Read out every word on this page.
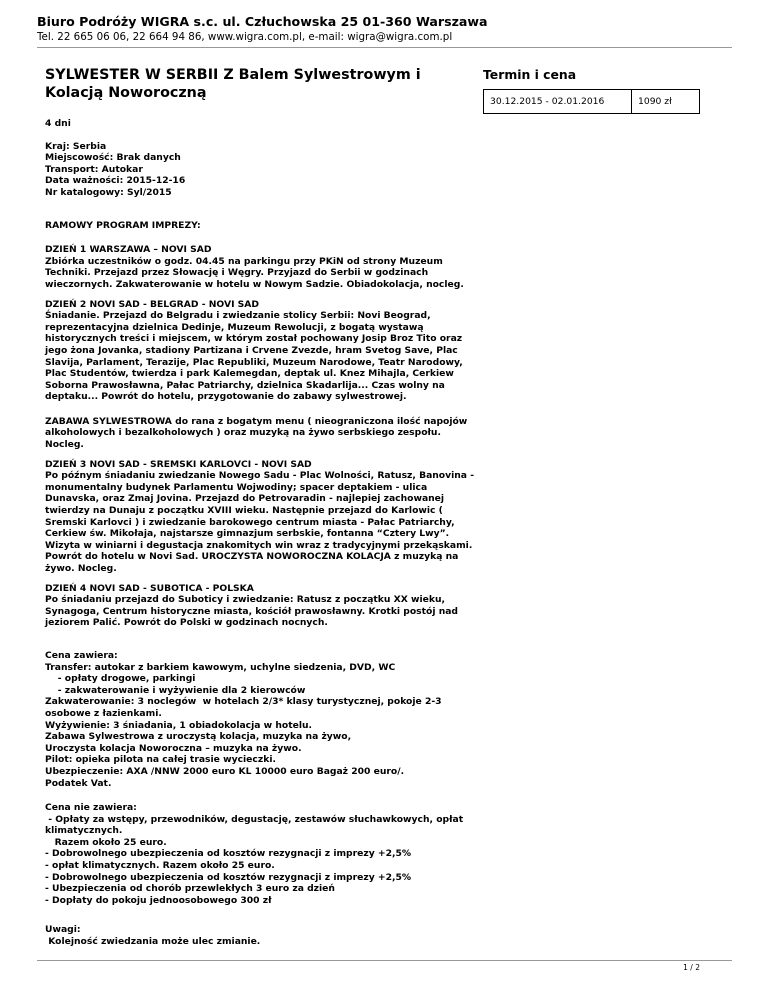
Biuro Podróży WIGRA s.c. ul. Człuchowska 25 01-360 Warszawa
Tel. 22 665 06 06, 22 664 94 86, www.wigra.com.pl, e-mail: wigra@wigra.com.pl
SYLWESTER W SERBII Z Balem Sylwestrowym i
Kolacją Noworoczną
4 dni
Kraj: Serbia
Miejscowość: Brak danych
Transport: Autokar
Data ważności: 2015-12-16
Nr katalogowy: Syl/2015
RAMOWY PROGRAM IMPREZY:
DZIEŃ 1 WARSZAWA – NOVI SAD
Zbiórka uczestników o godz. 04.45 na parkingu przy PKiN od strony Muzeum
Techniki. Przejazd przez Słowację i Węgry. Przyjazd do Serbii w godzinach
wieczornych. Zakwaterowanie w hotelu w Nowym Sadzie. Obiadokolacja, nocleg.
DZIEŃ 2 NOVI SAD - BELGRAD - NOVI SAD
Śniadanie. Przejazd do Belgradu i zwiedzanie stolicy Serbii: Novi Beograd,
reprezentacyjna dzielnica Dedinje, Muzeum Rewolucji, z bogatą wystawą
historycznych treści i miejscem, w którym został pochowany Josip Broz Tito oraz
jego żona Jovanka, stadiony Partizana i Crvene Zvezde, hram Svetog Save, Plac
Slavija, Parlament, Terazije, Plac Republiki, Muzeum Narodowe, Teatr Narodowy,
Plac Studentów, twierdza i park Kalemegdan, deptak ul. Knez Mihajla, Cerkiew
Soborna Prawosławna, Pałac Patriarchy, dzielnica Skadarlija... Czas wolny na
deptaku... Powrót do hotelu, przygotowanie do zabawy sylwestrowej.
ZABAWA SYLWESTROWA do rana z bogatym menu ( nieograniczona ilość napojów
alkoholowych i bezalkoholowych ) oraz muzyką na żywo serbskiego zespołu.
Nocleg.
DZIEŃ 3 NOVI SAD - SREMSKI KARLOVCI - NOVI SAD
Po późnym śniadaniu zwiedzanie Nowego Sadu - Plac Wolności, Ratusz, Banovina -
monumentalny budynek Parlamentu Wojwodiny; spacer deptakiem - ulica
Dunavska, oraz Zmaj Jovina. Przejazd do Petrovaradin - najlepiej zachowanej
twierdzy na Dunaju z początku XVIII wieku. Następnie przejazd do Karlowic (
Sremski Karlovci ) i zwiedzanie barokowego centrum miasta - Pałac Patriarchy,
Cerkiew św. Mikołaja, najstarsze gimnazjum serbskie, fontanna “Cztery Lwy”.
Wizyta w winiarni i degustacja znakomitych win wraz z tradycyjnymi przekąskami.
Powrót do hotelu w Novi Sad. UROCZYSTA NOWOROCZNA KOLACJA z muzyką na
żywo. Nocleg.
DZIEŃ 4 NOVI SAD - SUBOTICA - POLSKA
Po śniadaniu przejazd do Suboticy i zwiedzanie: Ratusz z początku XX wieku,
Synagoga, Centrum historyczne miasta, kościół prawosławny. Krotki postój nad
jeziorem Palić. Powrót do Polski w godzinach nocnych.
Cena zawiera:
Transfer: autokar z barkiem kawowym, uchylne siedzenia, DVD, WC
- opłaty drogowe, parkingi
- zakwaterowanie i wyżywienie dla 2 kierowców
Zakwaterowanie: 3 noclegów  w hotelach 2/3* klasy turystycznej, pokoje 2-3
osobowe z łazienkami.
Wyżywienie: 3 śniadania, 1 obiadokolacja w hotelu.
Zabawa Sylwestrowa z uroczystą kolacja, muzyka na żywo,
Uroczysta kolacja Noworoczna – muzyka na żywo.
Pilot: opieka pilota na całej trasie wycieczki.
Ubezpieczenie: AXA /NNW 2000 euro KL 10000 euro Bagaż 200 euro/.
Podatek Vat.
Cena nie zawiera:
- Opłaty za wstępy, przewodników, degustację, zestawów słuchawkowych, opłat
klimatycznych.
Razem około 25 euro.
- Dobrowolnego ubezpieczenia od kosztów rezygnacji z imprezy +2,5%
- opłat klimatycznych. Razem około 25 euro.
- Dobrowolnego ubezpieczenia od kosztów rezygnacji z imprezy +2,5%
- Ubezpieczenia od chorób przewlekłych 3 euro za dzień
- Dopłaty do pokoju jednoosobowego 300 zł
Uwagi:
Kolejność zwiedzania może ulec zmianie.
Termin i cena
30.12.2015 - 02.01.2016	1090 zł
1 / 2
